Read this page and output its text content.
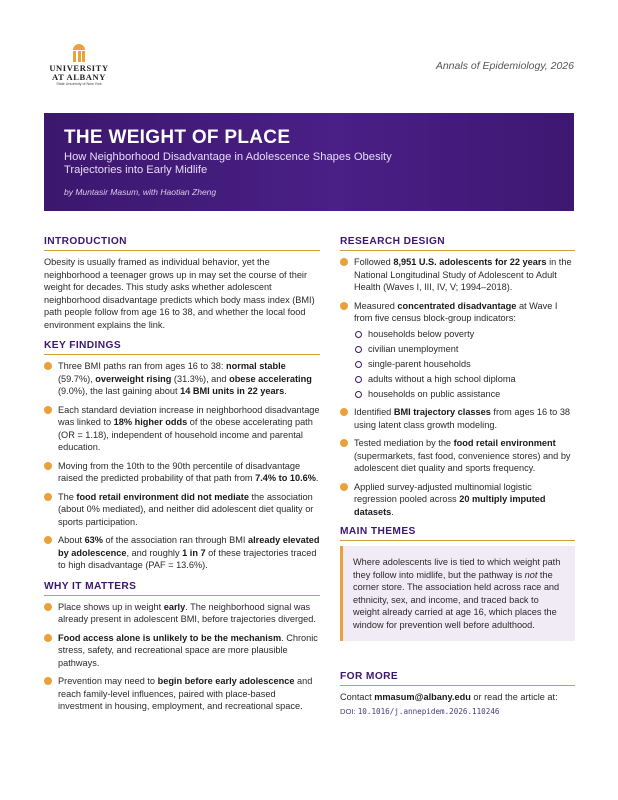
UNIVERSITY
AT ALBANY
State University of New York
Annals of Epidemiology, 2026
THE WEIGHT OF PLACE
How Neighborhood Disadvantage in Adolescence Shapes Obesity Trajectories into Early Midlife
by Muntasir Masum, with Haotian Zheng
INTRODUCTION

Obesity is usually framed as individual behavior, yet the neighborhood a teenager grows up in may set the course of their weight for decades. This study asks whether adolescent neighborhood disadvantage predicts which body mass index (BMI) path people follow from age 16 to 38, and whether the local food environment explains the link.

KEY FINDINGS
Three BMI paths ran from ages 16 to 38: normal stable (59.7%), overweight rising (31.3%), and obese accelerating (9.0%), the last gaining about 14 BMI units in 22 years.
Each standard deviation increase in neighborhood disadvantage was linked to 18% higher odds of the obese accelerating path (OR = 1.18), independent of household income and parental education.
Moving from the 10th to the 90th percentile of disadvantage raised the predicted probability of that path from 7.4% to 10.6%.
The food retail environment did not mediate the association (about 0% mediated), and neither did adolescent diet quality or sports participation.
About 63% of the association ran through BMI already elevated by adolescence, and roughly 1 in 7 of these trajectories traced to high disadvantage (PAF = 13.6%).
WHY IT MATTERS
Place shows up in weight early. The neighborhood signal was already present in adolescent BMI, before trajectories diverged.
Food access alone is unlikely to be the mechanism. Chronic stress, safety, and recreational space are more plausible pathways.
Prevention may need to begin before early adolescence and reach family-level influences, paired with place-based investment in housing, employment, and recreational space.
RESEARCH DESIGN
Followed 8,951 U.S. adolescents for 22 years in the National Longitudinal Study of Adolescent to Adult Health (Waves I, III, IV, V; 1994–2018).
Measured concentrated disadvantage at Wave I from five census block-group indicators:
households below poverty
civilian unemployment
single-parent households
adults without a high school diploma
households on public assistance
Identified BMI trajectory classes from ages 16 to 38 using latent class growth modeling.
Tested mediation by the food retail environment (supermarkets, fast food, convenience stores) and by adolescent diet quality and sports frequency.
Applied survey-adjusted multinomial logistic regression pooled across 20 multiply imputed datasets.
MAIN THEMES
Where adolescents live is tied to which weight path they follow into midlife, but the pathway is not the corner store. The association held across race and ethnicity, sex, and income, and traced back to weight already carried at age 16, which places the window for prevention well before adulthood.
FOR MORE

Contact mmasum@albany.edu or read the article at:

DOI: 10.1016/j.annepidem.2026.110246
